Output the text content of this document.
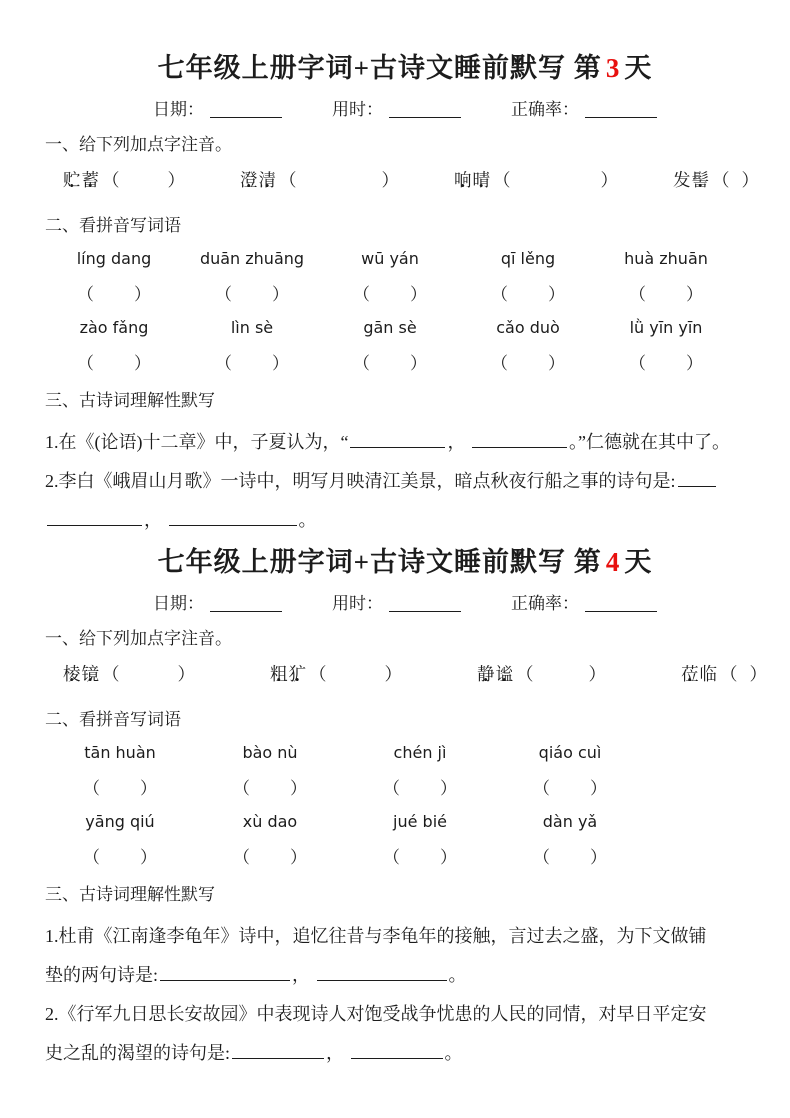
七年级上册字词+古诗文睡前默写 第 3 天
日期：	用时：	正确率：
一、给下列加点字注音。
贮蓄 （	）	澄清 （	）	响晴 （	）	发髻 （ ）
二、看拼音写词语
líng dang	duān zhuāng	wū yán	qī lěng	huà zhuān
（ ）	（ ）	（ ）	（ ）	（ ）
zào fǎng	lìn sè	gān sè	cǎo duò	lǜ yīn yīn
（ ）	（ ）	（ ）	（ ）	（ ）
三、古诗词理解性默写
1.在《(论语)十二章》中，子夏认为，“	，	。”仁德就在其中了。
2.李白《峨眉山月歌》一诗中，明写月映清江美景，暗点秋夜行船之事的诗句是:
，	。
七年级上册字词+古诗文睡前默写 第 4 天
日期：	用时：	正确率：
一、给下列加点字注音。
棱镜 （	）	粗犷 （	）	静谧 （	）	莅临 （ ）
二、看拼音写词语
tān huàn	bào nù	chén jì	qiáo cuì
（ ）	（ ）	（ ）	（ ）
yāng qiú	xù dao	jué bié	dàn yǎ
（ ）	（ ）	（ ）	（ ）
三、古诗词理解性默写
1.杜甫《江南逢李龟年》诗中，追忆往昔与李龟年的接触，言过去之盛，为下文做铺
垫的两句诗是:	，	。
2.《行军九日思长安故园》中表现诗人对饱受战争忧患的人民的同情，对早日平定安
史之乱的渴望的诗句是:	，	。
